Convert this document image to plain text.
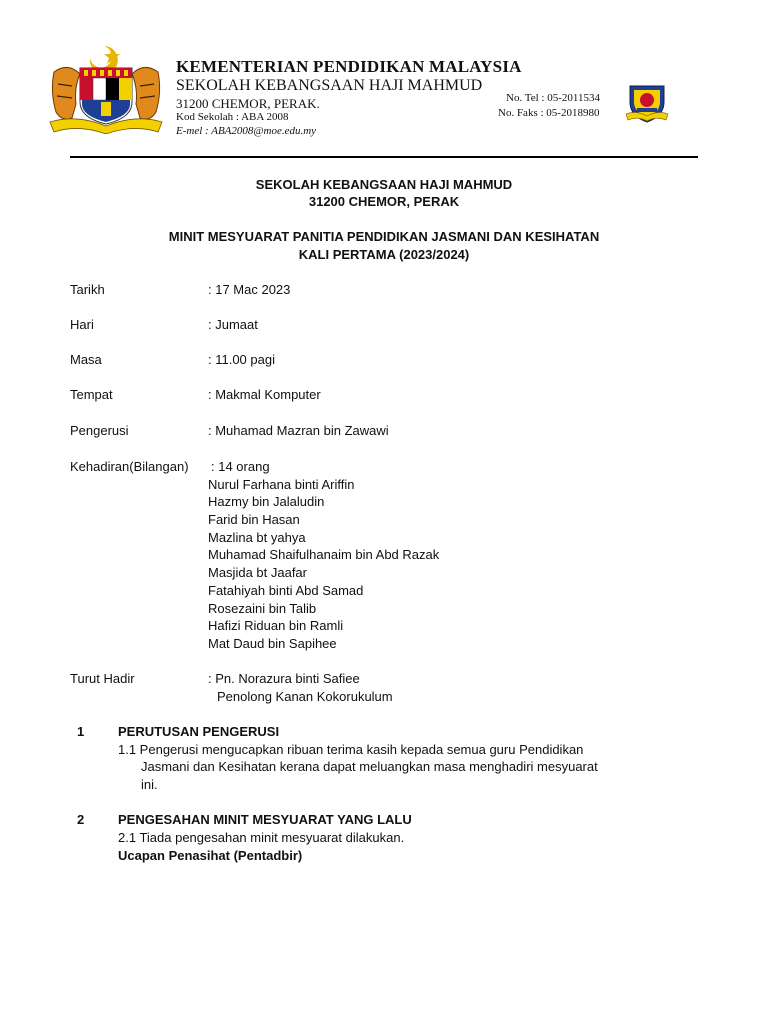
KEMENTERIAN PENDIDIKAN MALAYSIA
SEKOLAH KEBANGSAAN HAJI MAHMUD
31200 CHEMOR, PERAK.
Kod Sekolah : ABA 2008
E-mel : ABA2008@moe.edu.my
No. Tel : 05-2011534
No. Faks : 05-2018980
SEKOLAH KEBANGSAAN HAJI MAHMUD
31200 CHEMOR, PERAK
MINIT MESYUARAT PANITIA PENDIDIKAN JASMANI DAN KESIHATAN
KALI PERTAMA (2023/2024)
Tarikh	: 17 Mac 2023
Hari	: Jumaat
Masa	: 11.00 pagi
Tempat	: Makmal Komputer
Pengerusi	: Muhamad Mazran bin Zawawi
Kehadiran(Bilangan) : 14 orang
Nurul Farhana binti Ariffin
Hazmy bin Jalaludin
Farid bin Hasan
Mazlina bt yahya
Muhamad Shaifulhanaim bin Abd Razak
Masjida bt Jaafar
Fatahiyah binti Abd Samad
Rosezaini bin Talib
Hafizi Riduan bin Ramli
Mat Daud bin Sapihee
Turut Hadir	: Pn. Norazura binti Safiee
Penolong Kanan Kokorukulum
1	PERUTUSAN PENGERUSI
1.1 Pengerusi mengucapkan ribuan terima kasih kepada semua guru Pendidikan
Jasmani dan Kesihatan kerana dapat meluangkan masa menghadiri mesyuarat
ini.
2	PENGESAHAN MINIT MESYUARAT YANG LALU
2.1 Tiada pengesahan minit mesyuarat dilakukan.
Ucapan Penasihat (Pentadbir)
